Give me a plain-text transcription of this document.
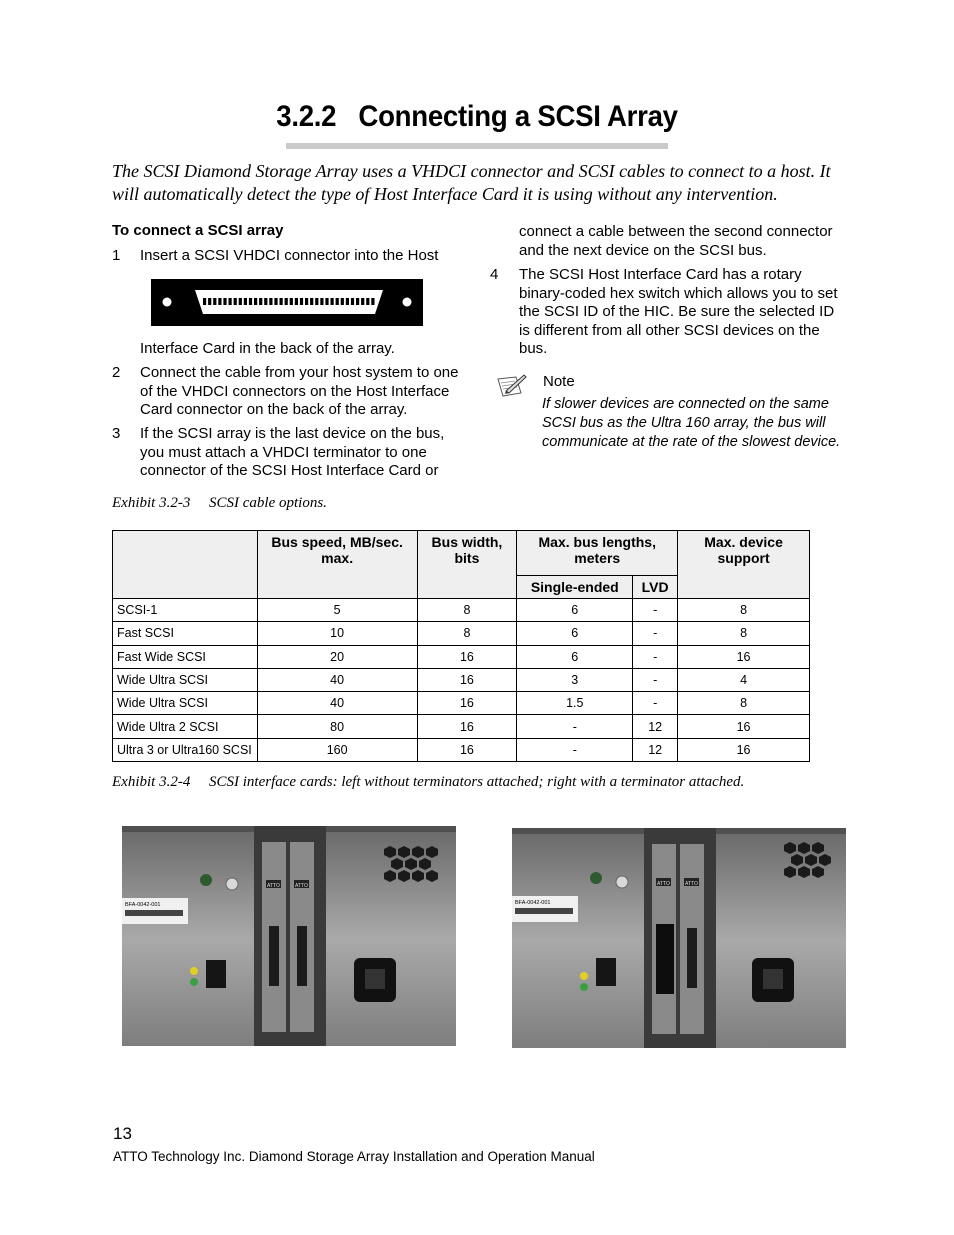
3.2.2 Connecting a SCSI Array
The SCSI Diamond Storage Array uses a VHDCI connector and SCSI cables to connect to a host. It will automatically detect the type of Host Interface Card it is using without any intervention.
To connect a SCSI array
1 Insert a SCSI VHDCI connector into the Host
Interface Card in the back of the array.
2 Connect the cable from your host system to one of the VHDCI connectors on the Host Interface Card connector on the back of the array.
3 If the SCSI array is the last device on the bus, you must attach a VHDCI terminator to one connector of the SCSI Host Interface Card or
connect a cable between the second connector and the next device on the SCSI bus.
4 The SCSI Host Interface Card has a rotary binary-coded hex switch which allows you to set the SCSI ID of the HIC. Be sure the selected ID is different from all other SCSI devices on the bus.
Note
If slower devices are connected on the same SCSI bus as the Ultra 160 array, the bus will communicate at the rate of the slowest device.
Exhibit 3.2-3 SCSI cable options.
	Bus speed, MB/sec. max.	Bus width, bits	Max. bus lengths, meters		Max. device support
			Single-ended	LVD	
SCSI-1	5	8	6	-	8
Fast SCSI	10	8	6	-	8
Fast Wide SCSI	20	16	6	-	16
Wide Ultra SCSI	40	16	3	-	4
Wide Ultra SCSI	40	16	1.5	-	8
Wide Ultra 2 SCSI	80	16	-	12	16
Ultra 3 or Ultra160 SCSI	160	16	-	12	16
Exhibit 3.2-4 SCSI interface cards: left without terminators attached; right with a terminator attached.
ATTO	ATTO
BFA-0042-001
ATTO	ATTO
BFA-0042-001
13
ATTO Technology Inc. Diamond Storage Array Installation and Operation Manual
